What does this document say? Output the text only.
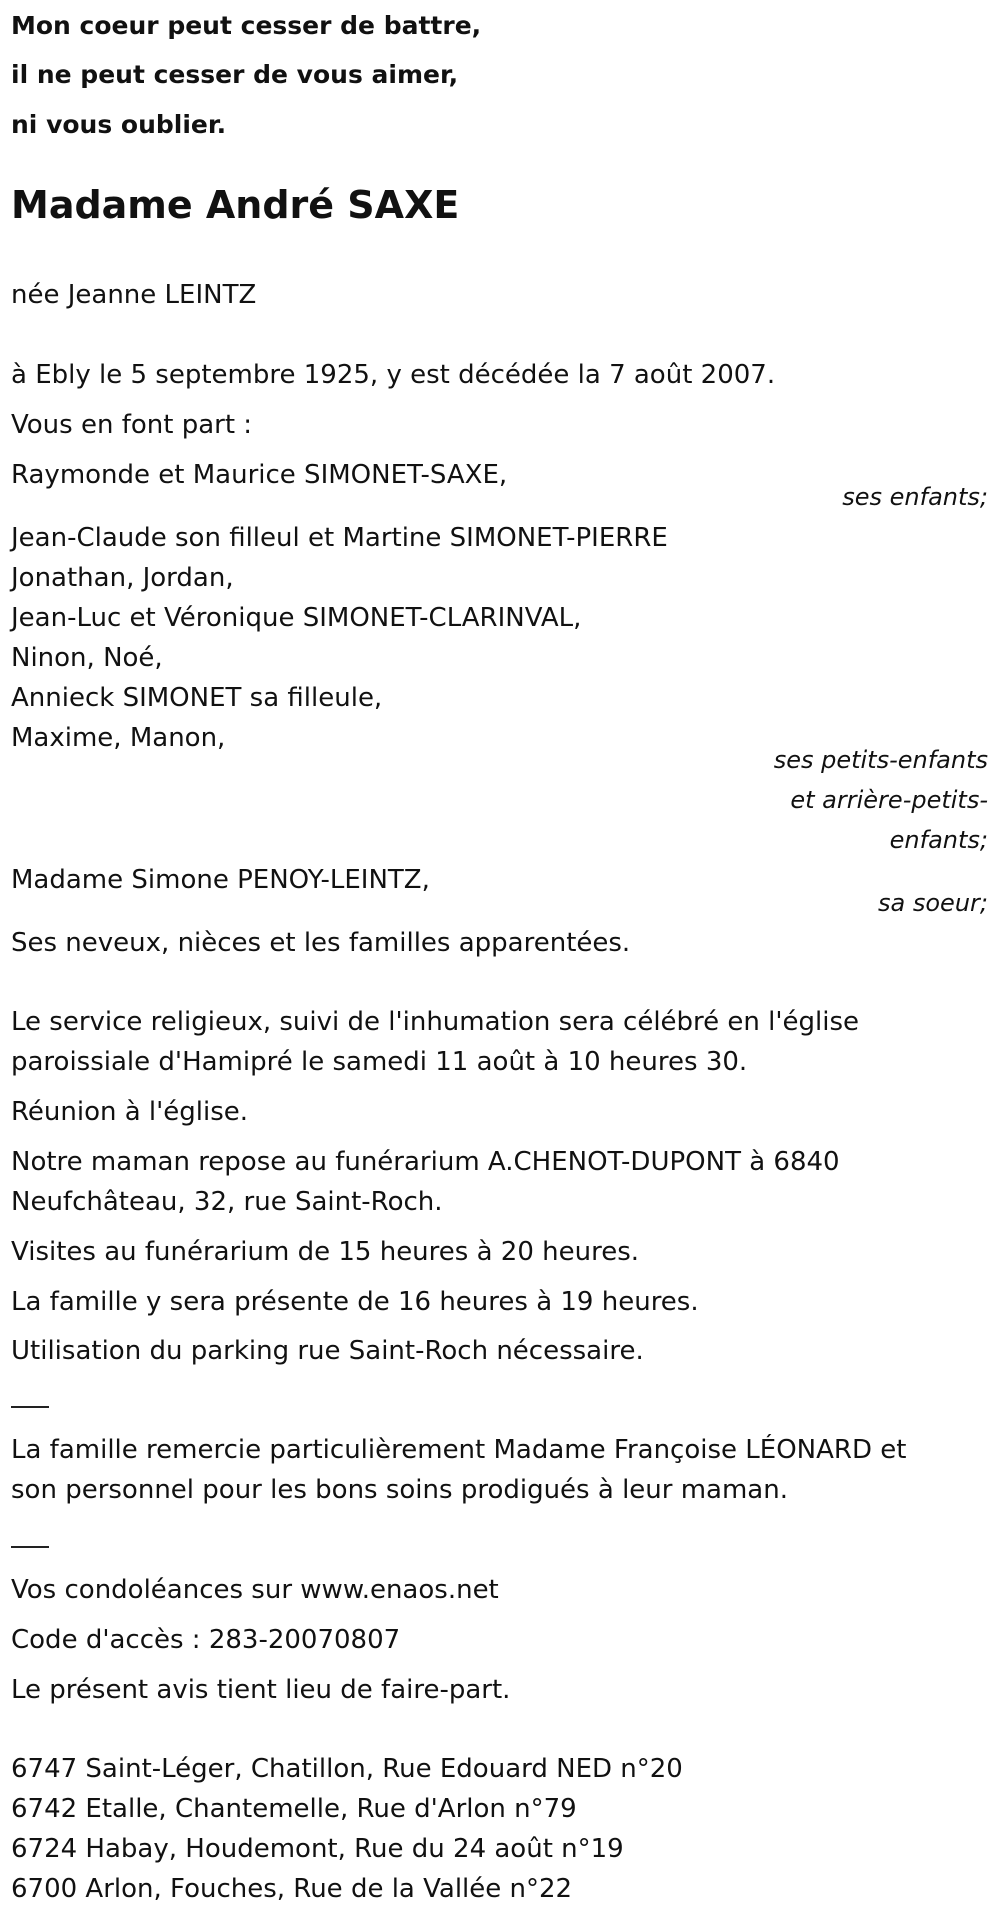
Mon coeur peut cesser de battre,
il ne peut cesser de vous aimer,
ni vous oublier.
Madame André SAXE
née Jeanne LEINTZ
à Ebly le 5 septembre 1925, y est décédée la 7 août 2007.
Vous en font part :
Raymonde et Maurice SIMONET-SAXE,
ses enfants;
Jean-Claude son filleul et Martine SIMONET-PIERRE
Jonathan, Jordan,
Jean-Luc et Véronique SIMONET-CLARINVAL,
Ninon, Noé,
Annieck SIMONET sa filleule,
Maxime, Manon,
ses petits-enfants
et arrière-petits-
enfants;
Madame Simone PENOY-LEINTZ,
sa soeur;
Ses neveux, nièces et les familles apparentées.
Le service religieux, suivi de l'inhumation sera célébré en l'église
paroissiale d'Hamipré le samedi 11 août à 10 heures 30.
Réunion à l'église.
Notre maman repose au funérarium A.CHENOT-DUPONT à 6840
Neufchâteau, 32, rue Saint-Roch.
Visites au funérarium de 15 heures à 20 heures.
La famille y sera présente de 16 heures à 19 heures.
Utilisation du parking rue Saint-Roch nécessaire.
La famille remercie particulièrement Madame Françoise LÉONARD et
son personnel pour les bons soins prodigués à leur maman.
Vos condoléances sur www.enaos.net
Code d'accès : 283-20070807
Le présent avis tient lieu de faire-part.
6747 Saint-Léger, Chatillon, Rue Edouard NED n°20
6742 Etalle, Chantemelle, Rue d'Arlon n°79
6724 Habay, Houdemont, Rue du 24 août n°19
6700 Arlon, Fouches, Rue de la Vallée n°22
